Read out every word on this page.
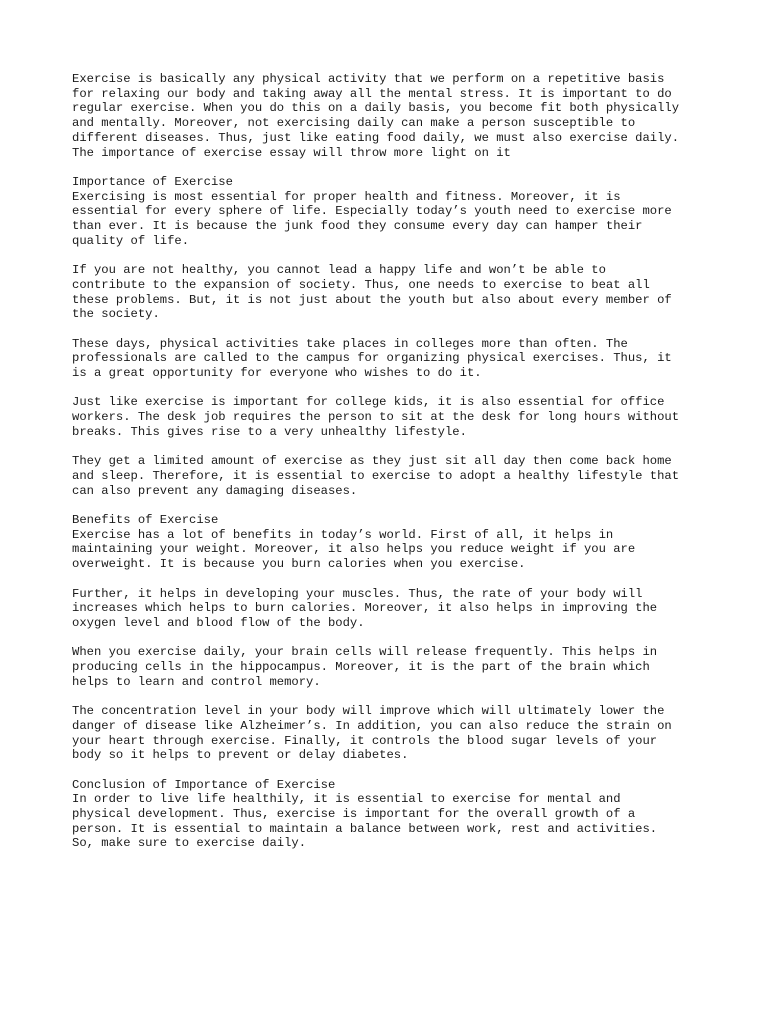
Exercise is basically any physical activity that we perform on a repetitive basis
for relaxing our body and taking away all the mental stress. It is important to do
regular exercise. When you do this on a daily basis, you become fit both physically
and mentally. Moreover, not exercising daily can make a person susceptible to
different diseases. Thus, just like eating food daily, we must also exercise daily.
The importance of exercise essay will throw more light on it
Importance of Exercise
Exercising is most essential for proper health and fitness. Moreover, it is
essential for every sphere of life. Especially today’s youth need to exercise more
than ever. It is because the junk food they consume every day can hamper their
quality of life.
If you are not healthy, you cannot lead a happy life and won’t be able to
contribute to the expansion of society. Thus, one needs to exercise to beat all
these problems. But, it is not just about the youth but also about every member of
the society.
These days, physical activities take places in colleges more than often. The
professionals are called to the campus for organizing physical exercises. Thus, it
is a great opportunity for everyone who wishes to do it.
Just like exercise is important for college kids, it is also essential for office
workers. The desk job requires the person to sit at the desk for long hours without
breaks. This gives rise to a very unhealthy lifestyle.
They get a limited amount of exercise as they just sit all day then come back home
and sleep. Therefore, it is essential to exercise to adopt a healthy lifestyle that
can also prevent any damaging diseases.
Benefits of Exercise
Exercise has a lot of benefits in today’s world. First of all, it helps in
maintaining your weight. Moreover, it also helps you reduce weight if you are
overweight. It is because you burn calories when you exercise.
Further, it helps in developing your muscles. Thus, the rate of your body will
increases which helps to burn calories. Moreover, it also helps in improving the
oxygen level and blood flow of the body.
When you exercise daily, your brain cells will release frequently. This helps in
producing cells in the hippocampus. Moreover, it is the part of the brain which
helps to learn and control memory.
The concentration level in your body will improve which will ultimately lower the
danger of disease like Alzheimer’s. In addition, you can also reduce the strain on
your heart through exercise. Finally, it controls the blood sugar levels of your
body so it helps to prevent or delay diabetes.
Conclusion of Importance of Exercise
In order to live life healthily, it is essential to exercise for mental and
physical development. Thus, exercise is important for the overall growth of a
person. It is essential to maintain a balance between work, rest and activities.
So, make sure to exercise daily.
